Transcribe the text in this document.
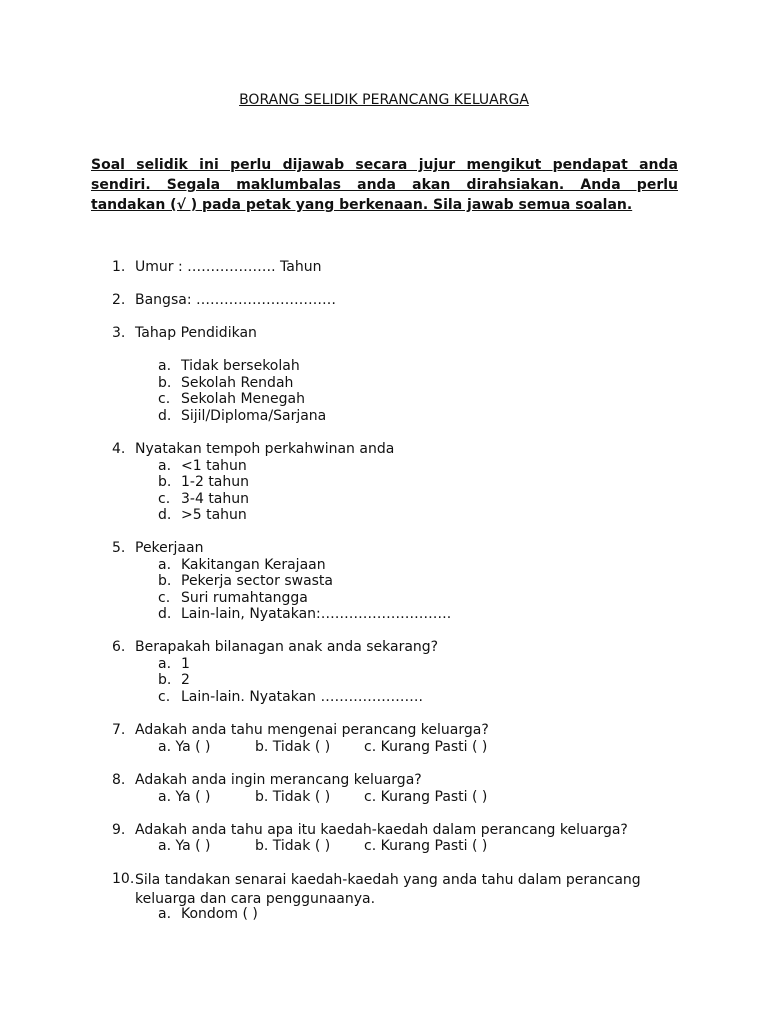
BORANG SELIDIK PERANCANG KELUARGA
Soal selidik ini perlu dijawab secara jujur mengikut pendapat anda sendiri. Segala maklumbalas anda akan dirahsiakan. Anda perlu tandakan (√ ) pada petak yang berkenaan. Sila jawab semua soalan.
1. Umur : ………………. Tahun
2. Bangsa: …………………………
3. Tahap Pendidikan
a. Tidak bersekolah
b. Sekolah Rendah
c. Sekolah Menegah
d. Sijil/Diploma/Sarjana
4. Nyatakan tempoh perkahwinan anda
a. <1 tahun
b. 1-2 tahun
c. 3-4 tahun
d. >5 tahun
5. Pekerjaan
a. Kakitangan Kerajaan
b. Pekerja sector swasta
c. Suri rumahtangga
d. Lain-lain, Nyatakan:……………………….
6. Berapakah bilanagan anak anda sekarang?
a. 1
b. 2
c. Lain-lain. Nyatakan ………………….
7. Adakah anda tahu mengenai perancang keluarga?
a. Ya ( )	b. Tidak ( ) c. Kurang Pasti ( )
8. Adakah anda ingin merancang keluarga?
a. Ya ( )	b. Tidak ( ) c. Kurang Pasti ( )
9. Adakah anda tahu apa itu kaedah-kaedah dalam perancang keluarga?
a. Ya ( )	b. Tidak ( ) c. Kurang Pasti ( )
10. Sila tandakan senarai kaedah-kaedah yang anda tahu dalam perancang keluarga dan cara penggunaanya.
a. Kondom ( )
